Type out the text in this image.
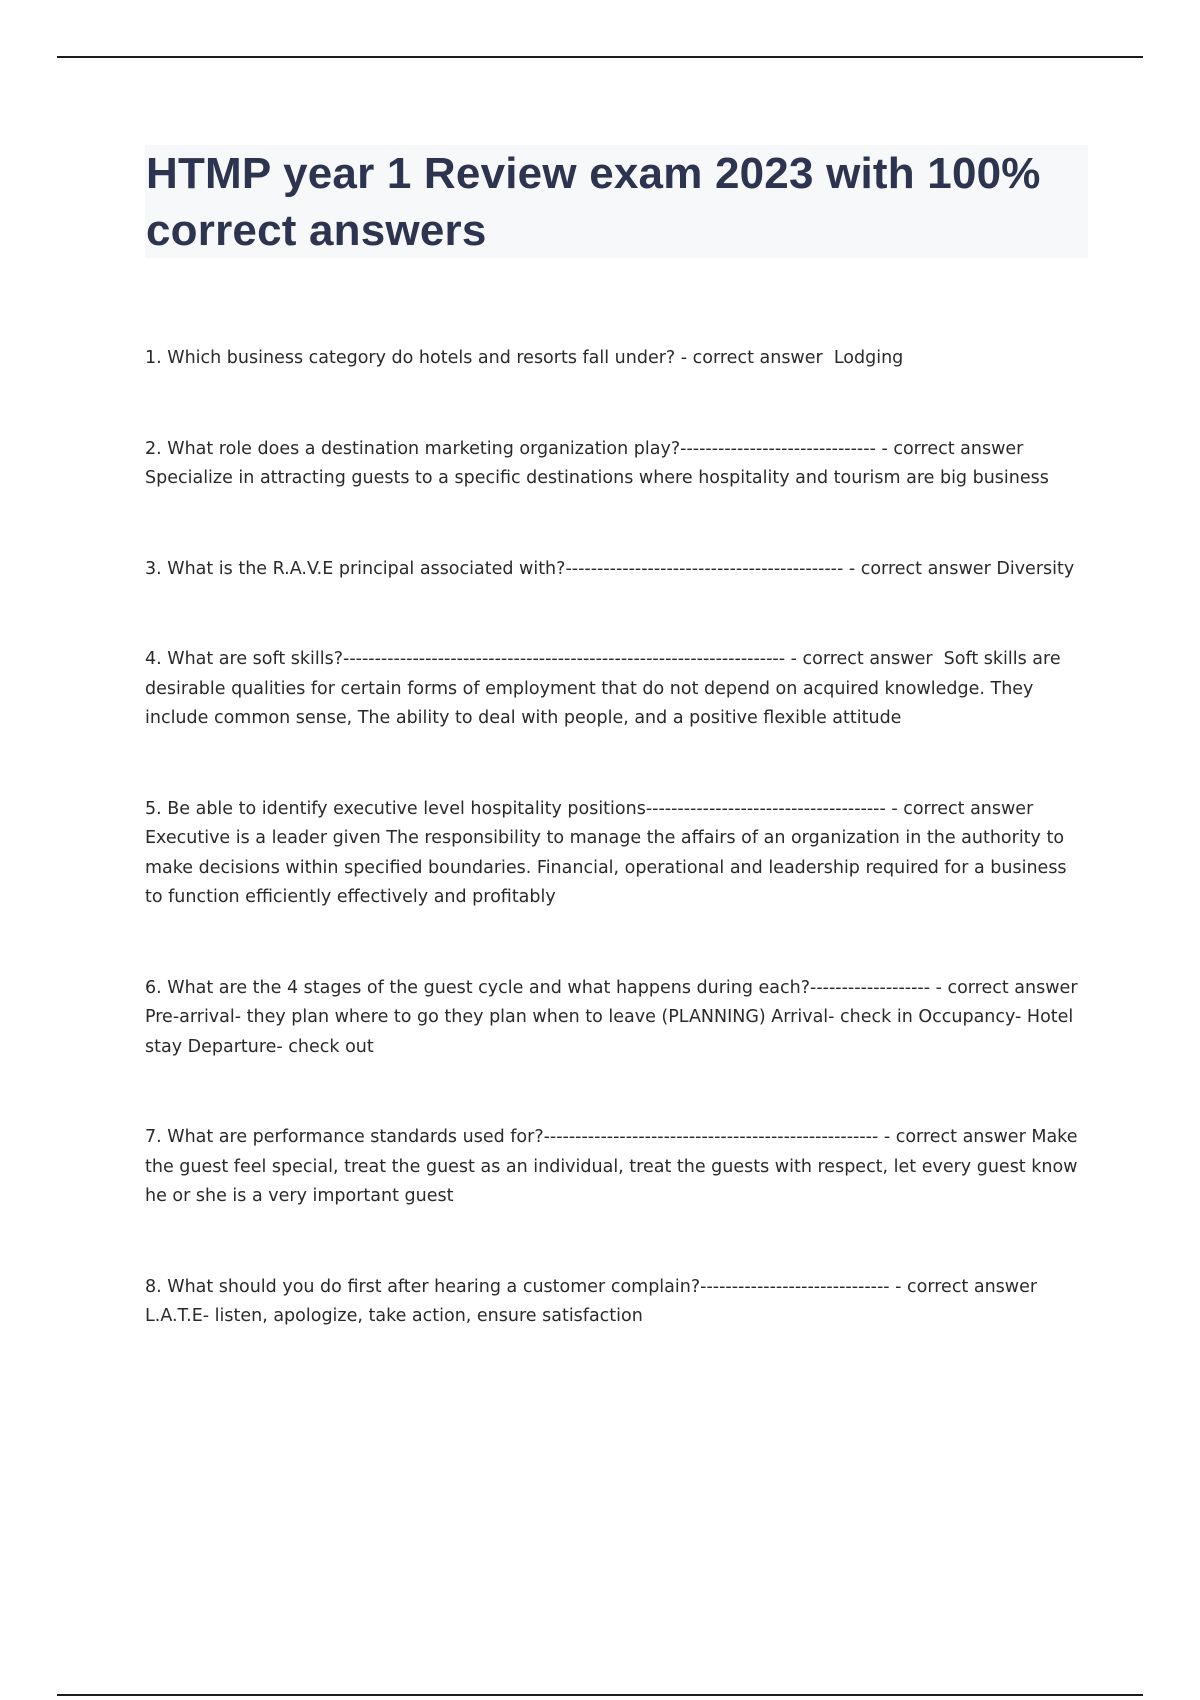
HTMP year 1 Review exam 2023 with 100% correct answers
1. Which business category do hotels and resorts fall under? - correct answer Lodging
2. What role does a destination marketing organization play?------------------------------- - correct answer Specialize in attracting guests to a specific destinations where hospitality and tourism are big business
3. What is the R.A.V.E principal associated with?-------------------------------------------- - correct answer Diversity
4. What are soft skills?---------------------------------------------------------------------- - correct answer Soft skills are desirable qualities for certain forms of employment that do not depend on acquired knowledge. They include common sense, The ability to deal with people, and a positive flexible attitude
5. Be able to identify executive level hospitality positions-------------------------------------- - correct answer Executive is a leader given The responsibility to manage the affairs of an organization in the authority to make decisions within specified boundaries. Financial, operational and leadership required for a business to function efficiently effectively and profitably
6. What are the 4 stages of the guest cycle and what happens during each?------------------- - correct answer  Pre-arrival- they plan where to go they plan when to leave (PLANNING) Arrival- check in Occupancy- Hotel stay Departure- check out
7. What are performance standards used for?----------------------------------------------------- - correct answer Make the guest feel special, treat the guest as an individual, treat the guests with respect, let every guest know he or she is a very important guest
8. What should you do first after hearing a customer complain?------------------------------ - correct answer L.A.T.E- listen, apologize, take action, ensure satisfaction
